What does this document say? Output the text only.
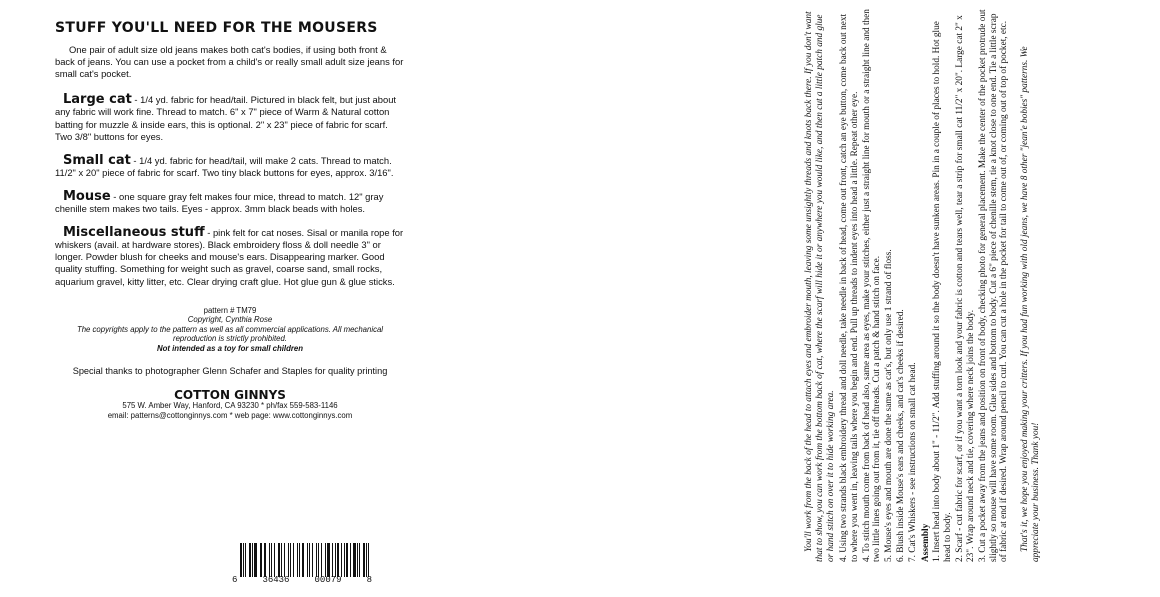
STUFF YOU'LL NEED FOR THE MOUSERS

One pair of adult size old jeans makes both cat's bodies, if using both front & back of jeans. You can use a pocket from a child's or really small adult size jeans for small cat's pocket.

Large cat - 1/4 yd. fabric for head/tail. Pictured in black felt, but just about any fabric will work fine. Thread to match. 6" x 7" piece of Warm & Natural cotton batting for muzzle & inside ears, this is optional. 2" x 23" piece of fabric for scarf. Two 3/8" buttons for eyes.

Small cat - 1/4 yd. fabric for head/tail, will make 2 cats. Thread to match. 11/2" x 20" piece of fabric for scarf. Two tiny black buttons for eyes, approx. 3/16".

Mouse - one square gray felt makes four mice, thread to match. 12" gray chenille stem makes two tails. Eyes - approx. 3mm black beads with holes.

Miscellaneous stuff - pink felt for cat noses. Sisal or manila rope for whiskers (avail. at hardware stores). Black embroidery floss & doll needle 3" or longer. Powder blush for cheeks and mouse's ears. Disappearing marker. Good quality stuffing. Something for weight such as gravel, coarse sand, small rocks, aquarium gravel, kitty litter, etc. Clear drying craft glue. Hot glue gun & glue sticks.

pattern # TM79
Copyright, Cynthia Rose
The copyrights apply to the pattern as well as all commercial applications. All mechanical reproduction is strictly prohibited.
Not intended as a toy for small children
Special thanks to photographer Glenn Schafer and Staples for quality printing
COTTON GINNYS
575 W. Amber Way, Hanford, CA 93230 * ph/fax 559-583-1146
email: patterns@cottonginnys.com * web page: www.cottonginnys.com
6	36436	00079	8

You'll work from the back of the head to attach eyes and embroider mouth, leaving some unsightly threads and knots back there. If you don't want that to show, you can work from the bottom back of cat, where the scarf will hide it or anywhere you would like, and then cut a little patch and glue or hand stitch on over it to hide working area. 4. Using two strands black embroidery thread and doll needle, take needle in back of head, come out front, catch an eye button, come back out next to where you went in, leaving tails where you begin and end. Pull up threads to indent eyes into head a little. Repeat other eye. 4. To stitch mouth come from back of head also, same area as eyes, make your stitches, either just a straight line for mouth or a straight line and then two little lines going out from it, tie off threads. Cut a patch & hand stitch on face. 5. Mouse's eyes and mouth are done the same as cat's, but only use 1 strand of floss. 6. Blush inside Mouse's ears and cheeks, and cat's cheeks if desired. 7. Cat's Whiskers - see instructions on small cat head. Assembly 1. Insert head into body about 1" - 11/2". Add stuffing around it so the body doesn't have sunken areas. Pin in a couple of places to hold. Hot glue head to body. 2. Scarf - cut fabric for scarf, or if you want a torn look and your fabric is cotton and tears well, tear a strip for small cat 11/2" x 20". Large cat 2" x 23". Wrap around neck and tie, covering where neck joins the body. 3. Cut a pocket away from the jeans and position on front of body, checking photo for general placement. Make the center of the pocket protrude out slightly so mouse will have some room. Glue sides and bottom to body. Cut a 6" piece of chenille stem, tie a knot close to one end. Tie a little scrap of fabric at end if desired. Wrap around pencil to curl. You can cut a hole in the pocket for tail to come out of, or coming out of top of pocket, etc. That's it, we hope you enjoyed making your critters. If you had fun working with old jeans, we have 8 other "jean'e bobies" patterns. We appreciate your business. Thank you!
